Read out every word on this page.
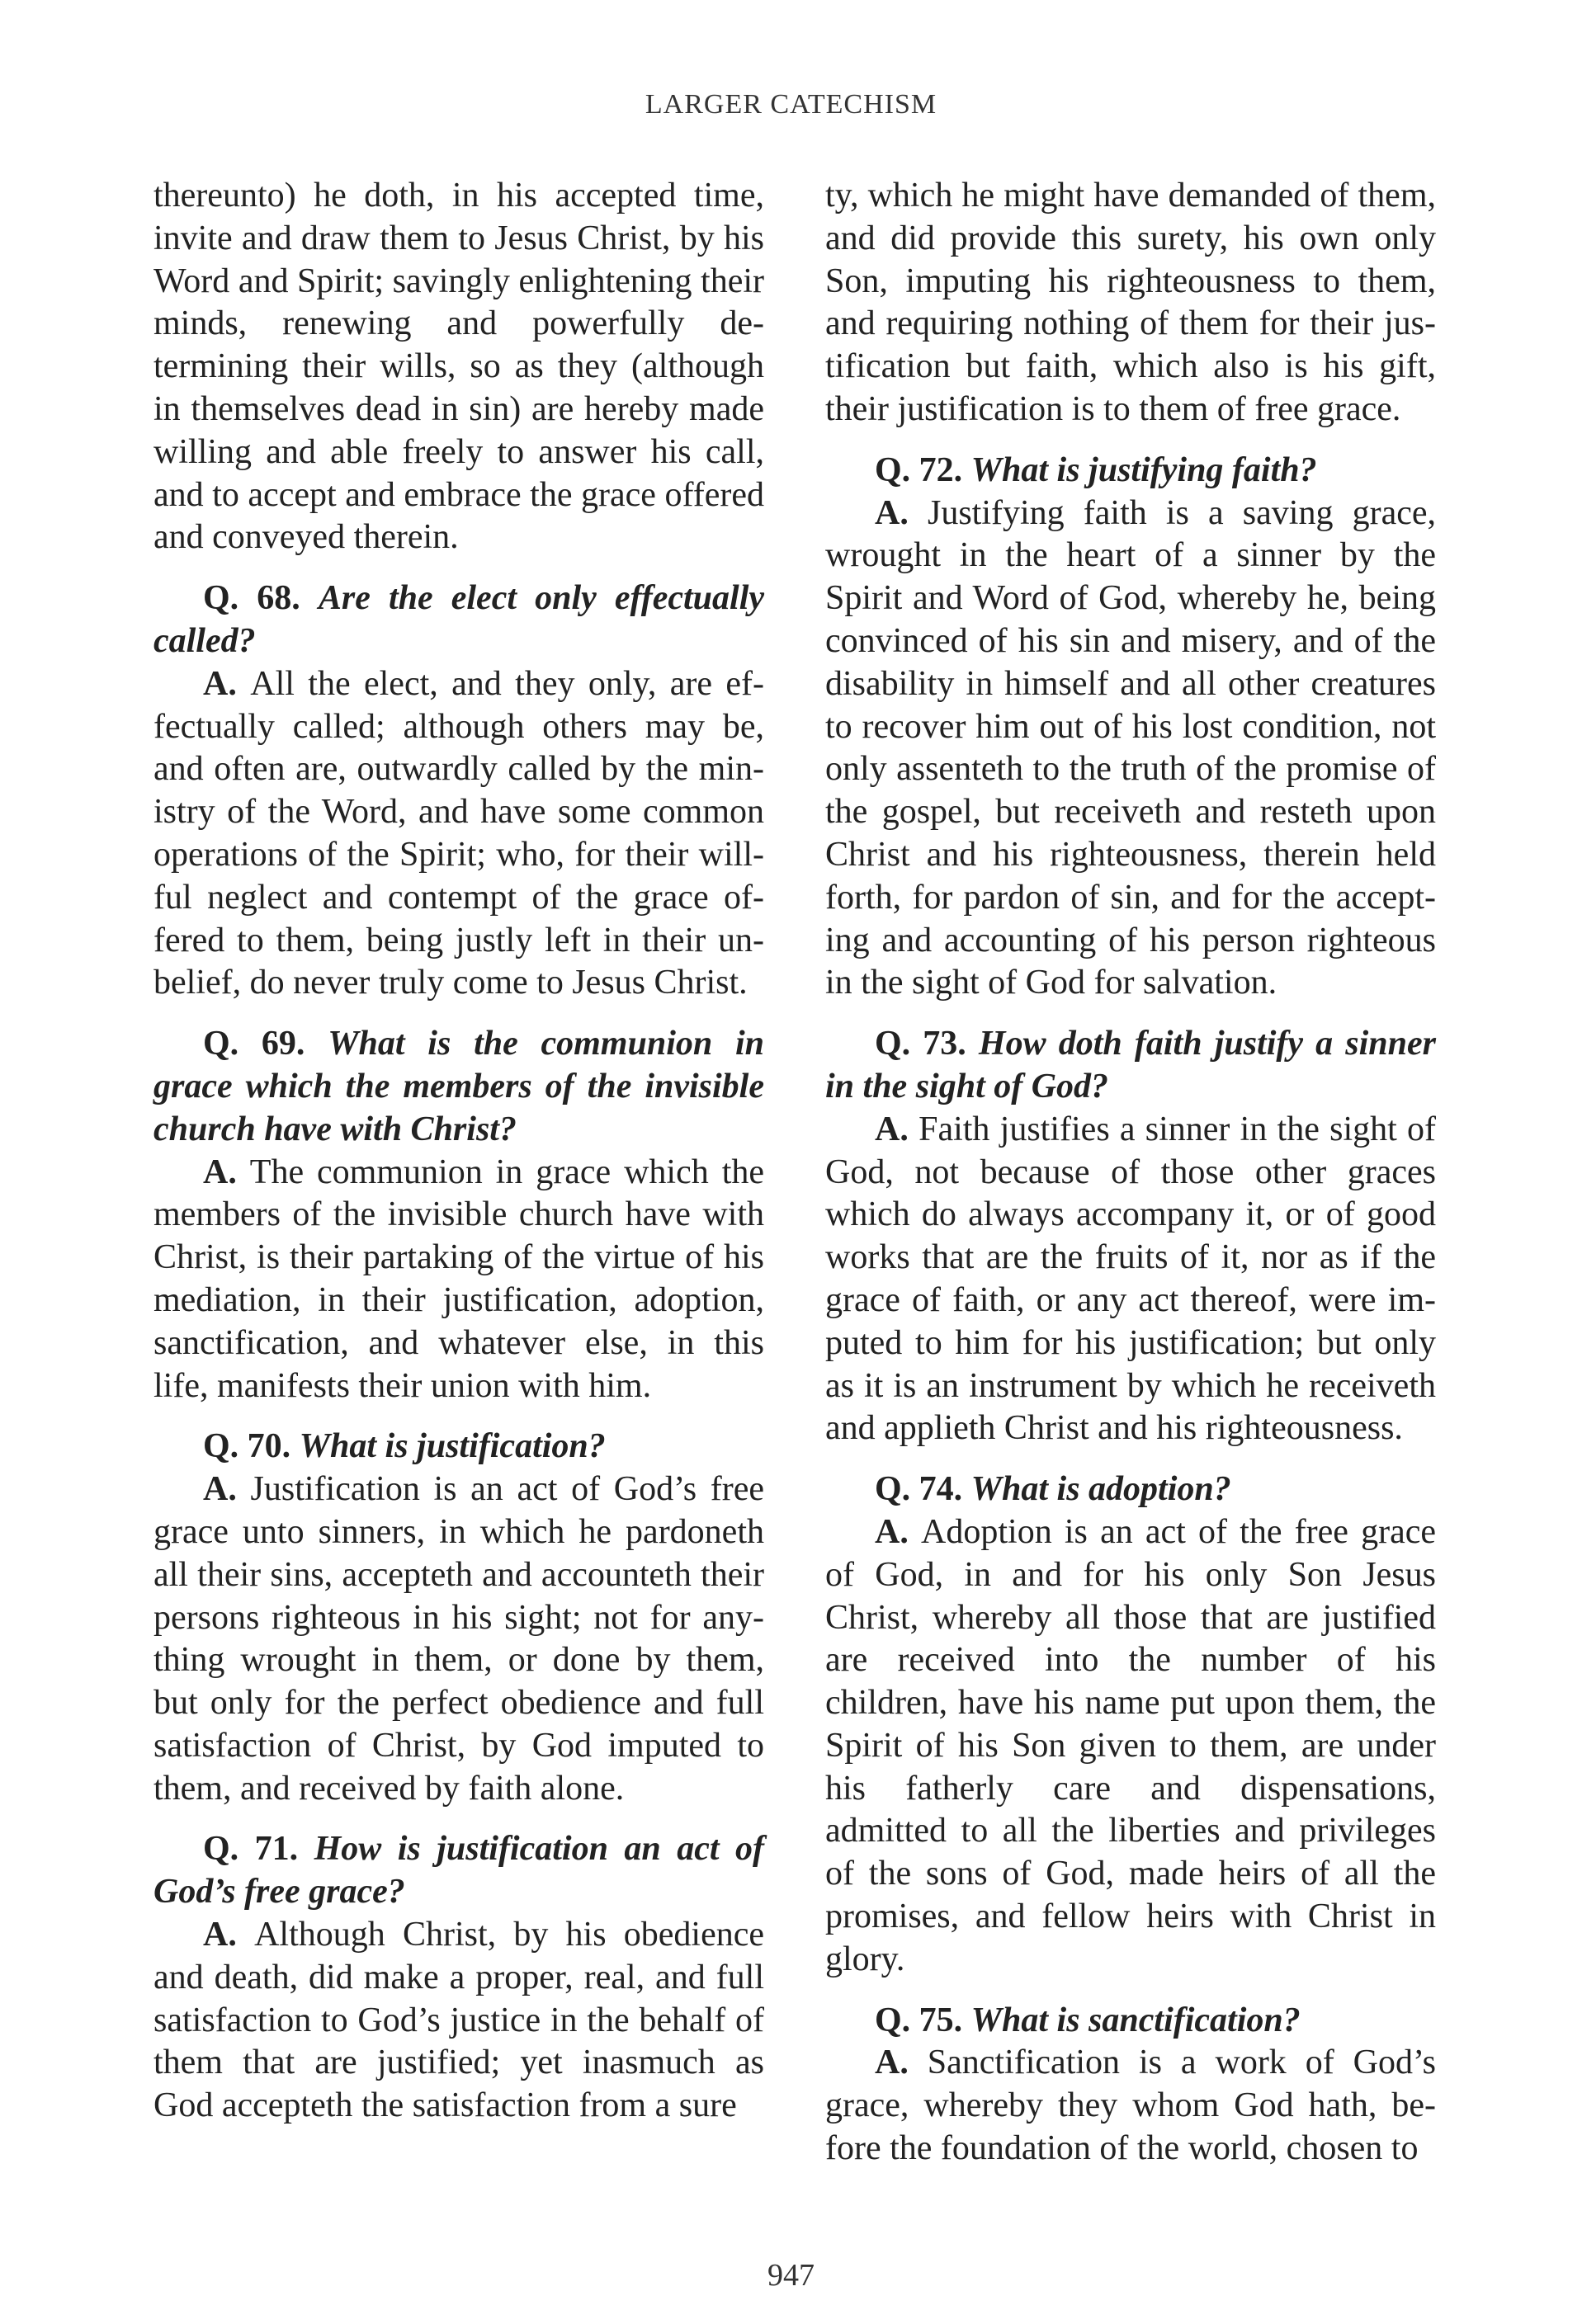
LARGER CATECHISM

thereunto) he doth, in his accepted time, invite and draw them to Jesus Christ, by his Word and Spirit; savingly enlightening their minds, renewing and powerfully determining their wills, so as they (although in themselves dead in sin) are hereby made willing and able freely to answer his call, and to accept and embrace the grace offered and conveyed therein.

Q. 68. Are the elect only effectually called?

A. All the elect, and they only, are effectually called; although others may be, and often are, outwardly called by the ministry of the Word, and have some common operations of the Spirit; who, for their willful neglect and contempt of the grace offered to them, being justly left in their unbelief, do never truly come to Jesus Christ.

Q. 69. What is the communion in grace which the members of the invisible church have with Christ?

A. The communion in grace which the members of the invisible church have with Christ, is their partaking of the virtue of his mediation, in their justification, adoption, sanctification, and whatever else, in this life, manifests their union with him.

Q. 70. What is justification?

A. Justification is an act of God’s free grace unto sinners, in which he pardoneth all their sins, accepteth and accounteth their persons righteous in his sight; not for anything wrought in them, or done by them, but only for the perfect obedience and full satisfaction of Christ, by God imputed to them, and received by faith alone.

Q. 71. How is justification an act of God’s free grace?

A. Although Christ, by his obedience and death, did make a proper, real, and full satisfaction to God’s justice in the behalf of them that are justified; yet inasmuch as God accepteth the satisfaction from a sure

ty, which he might have demanded of them, and did provide this surety, his own only Son, imputing his righteousness to them, and requiring nothing of them for their justification but faith, which also is his gift, their justification is to them of free grace.

Q. 72. What is justifying faith?

A. Justifying faith is a saving grace, wrought in the heart of a sinner by the Spirit and Word of God, whereby he, being convinced of his sin and misery, and of the disability in himself and all other creatures to recover him out of his lost condition, not only assenteth to the truth of the promise of the gospel, but receiveth and resteth upon Christ and his righteousness, therein held forth, for pardon of sin, and for the accepting and accounting of his person righteous in the sight of God for salvation.

Q. 73. How doth faith justify a sinner in the sight of God?

A. Faith justifies a sinner in the sight of God, not because of those other graces which do always accompany it, or of good works that are the fruits of it, nor as if the grace of faith, or any act thereof, were imputed to him for his justification; but only as it is an instrument by which he receiveth and applieth Christ and his righteousness.

Q. 74. What is adoption?

A. Adoption is an act of the free grace of God, in and for his only Son Jesus Christ, whereby all those that are justified are received into the number of his children, have his name put upon them, the Spirit of his Son given to them, are under his fatherly care and dispensations, admitted to all the liberties and privileges of the sons of God, made heirs of all the promises, and fellow heirs with Christ in glory.

Q. 75. What is sanctification?

A. Sanctification is a work of God’s grace, whereby they whom God hath, before the foundation of the world, chosen to

947
